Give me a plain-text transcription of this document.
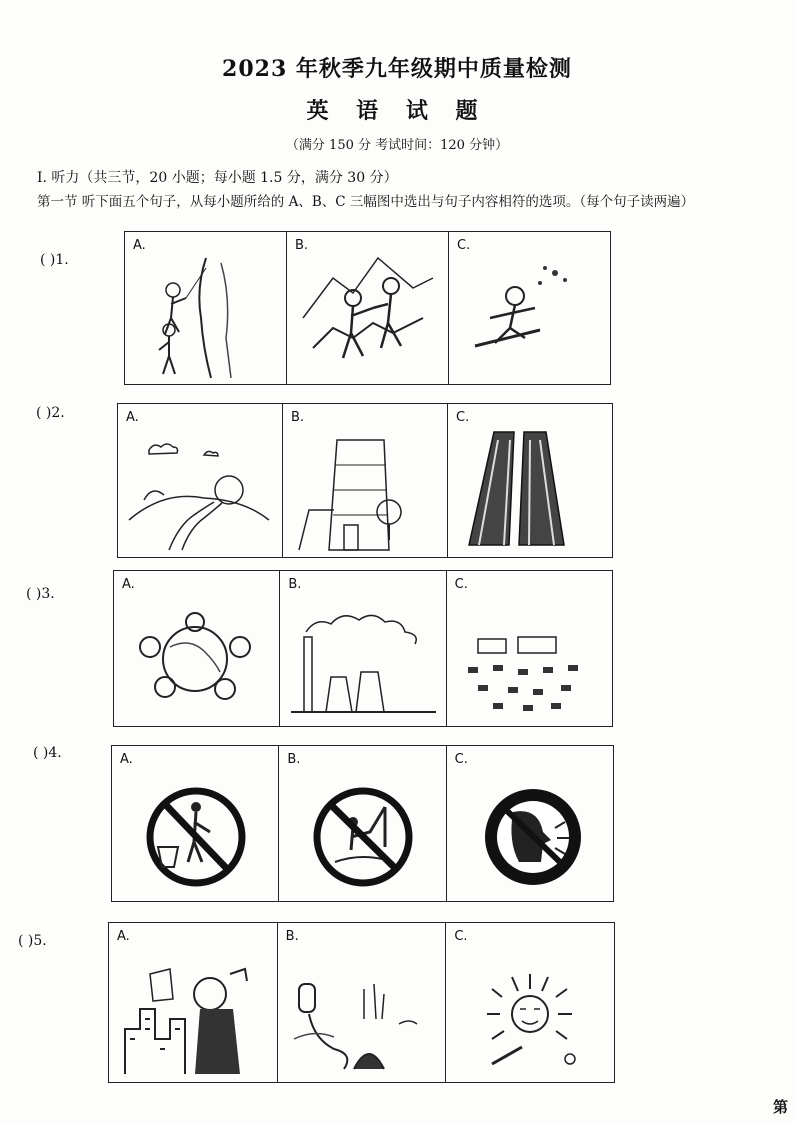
2023 年秋季九年级期中质量检测
英 语 试 题
（满分 150 分 考试时间：120 分钟）
I. 听力（共三节，20 小题；每小题 1.5 分，满分 30 分）
第一节 听下面五个句子，从每小题所给的 A、B、C 三幅图中选出与句子内容相符的选项。（每个句子读两遍）
( )1.
A.	B.	C.
( )2.	A.	B.	C.
( )3.
A.	B.	C.
( )4.	A.	B.	C.
( )5.	A.	B.	C.
第
